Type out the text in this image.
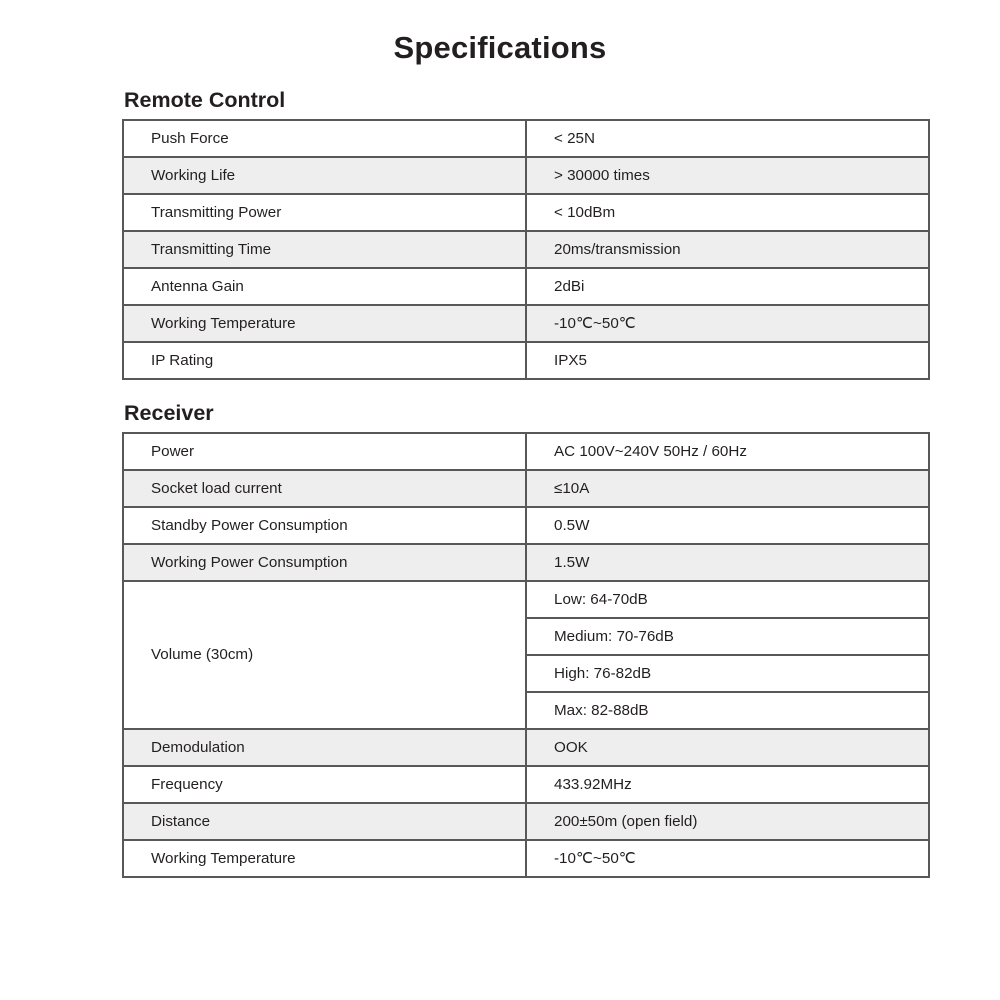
Specifications
Remote Control
Push Force	< 25N
Working Life	> 30000 times
Transmitting Power	< 10dBm
Transmitting Time	20ms/transmission
Antenna Gain	2dBi
Working Temperature	-10℃~50℃
IP Rating	IPX5
Receiver
Power	AC 100V~240V 50Hz / 60Hz
Socket load current	≤10A
Standby Power Consumption	0.5W
Working Power Consumption	1.5W
Volume (30cm)	Low: 64-70dB
	Medium: 70-76dB
	High: 76-82dB
	Max: 82-88dB
Demodulation	OOK
Frequency	433.92MHz
Distance	200±50m (open field)
Working Temperature	-10℃~50℃
